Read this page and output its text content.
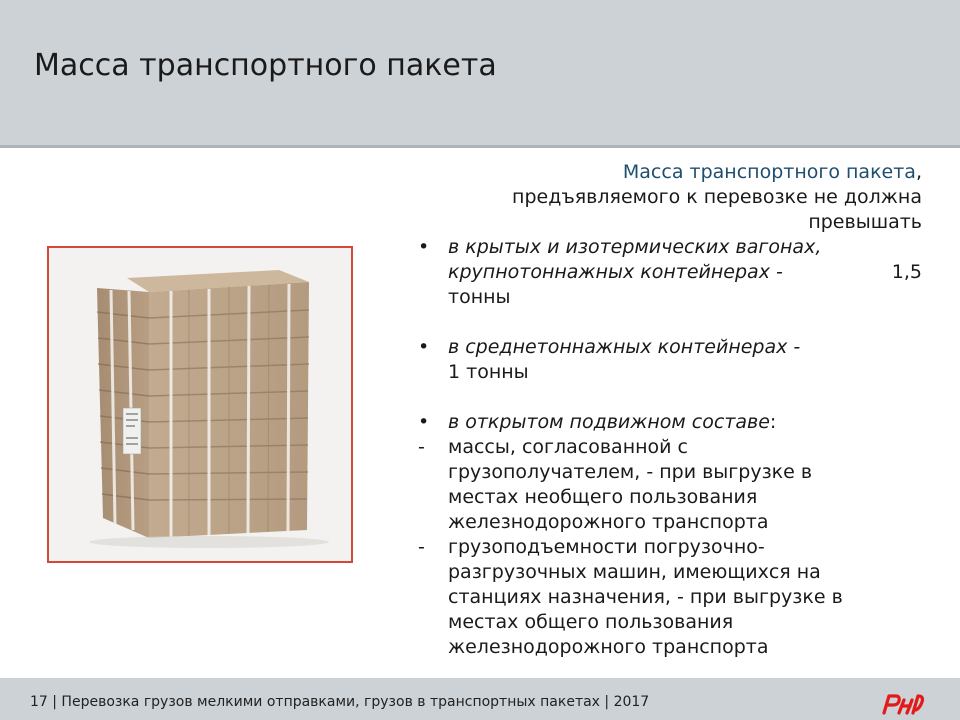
Масса транспортного пакета

Масса транспортного пакета,
предъявляемого к перевозке не должна
превышать

• в крытых и изотермических вагонах,
крупнотоннажных контейнерах -	1,5
тонны
• в среднетоннажных контейнерах -
1 тонны
• в открытом подвижном составе:
- массы, согласованной с
грузополучателем, - при выгрузке в
местах необщего пользования
железнодорожного транспорта
- грузоподъемности погрузочно-
разгрузочных машин, имеющихся на
станциях назначения, - при выгрузке в
местах общего пользования
железнодорожного транспорта
17 | Перевозка грузов мелкими отправками, грузов в транспортных пакетах | 2017
